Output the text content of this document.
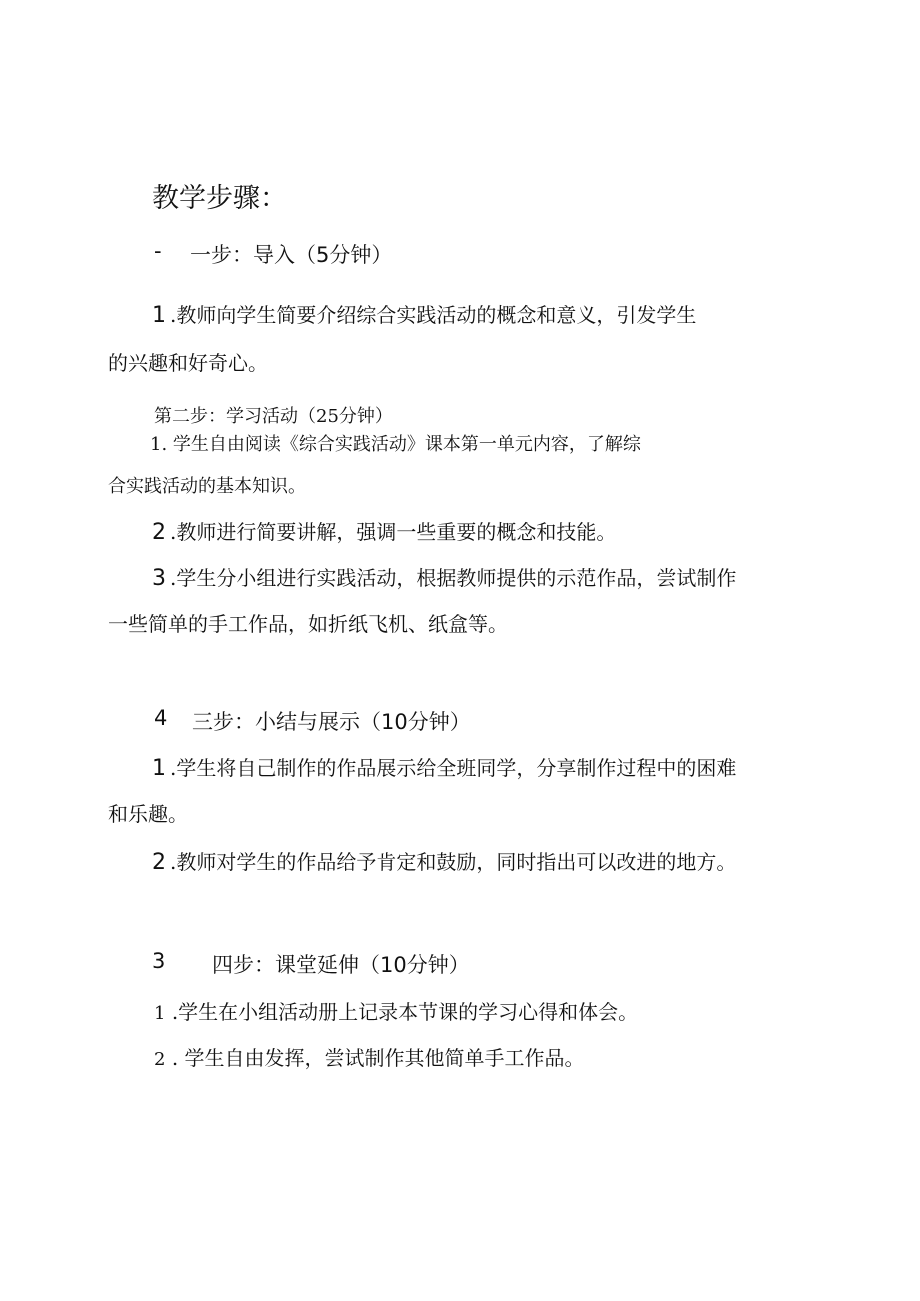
教学步骤：
- 一步：导入（5分钟）
1 .教师向学生简要介绍综合实践活动的概念和意义，引发学生
的兴趣和好奇心。
第二步：学习活动（25分钟）
1. 学生自由阅读《综合实践活动》课本第一单元内容，了解综
合实践活动的基本知识。
2 .教师进行简要讲解，强调一些重要的概念和技能。
3 .学生分小组进行实践活动，根据教师提供的示范作品，尝试制作
一些简单的手工作品，如折纸飞机、纸盒等。
4 三步：小结与展示（10分钟）
1 .学生将自己制作的作品展示给全班同学，分享制作过程中的困难
和乐趣。
2 .教师对学生的作品给予肯定和鼓励，同时指出可以改进的地方。
3 四步：课堂延伸（10分钟）
1 .学生在小组活动册上记录本节课的学习心得和体会。
2 . 学生自由发挥，尝试制作其他简单手工作品。
